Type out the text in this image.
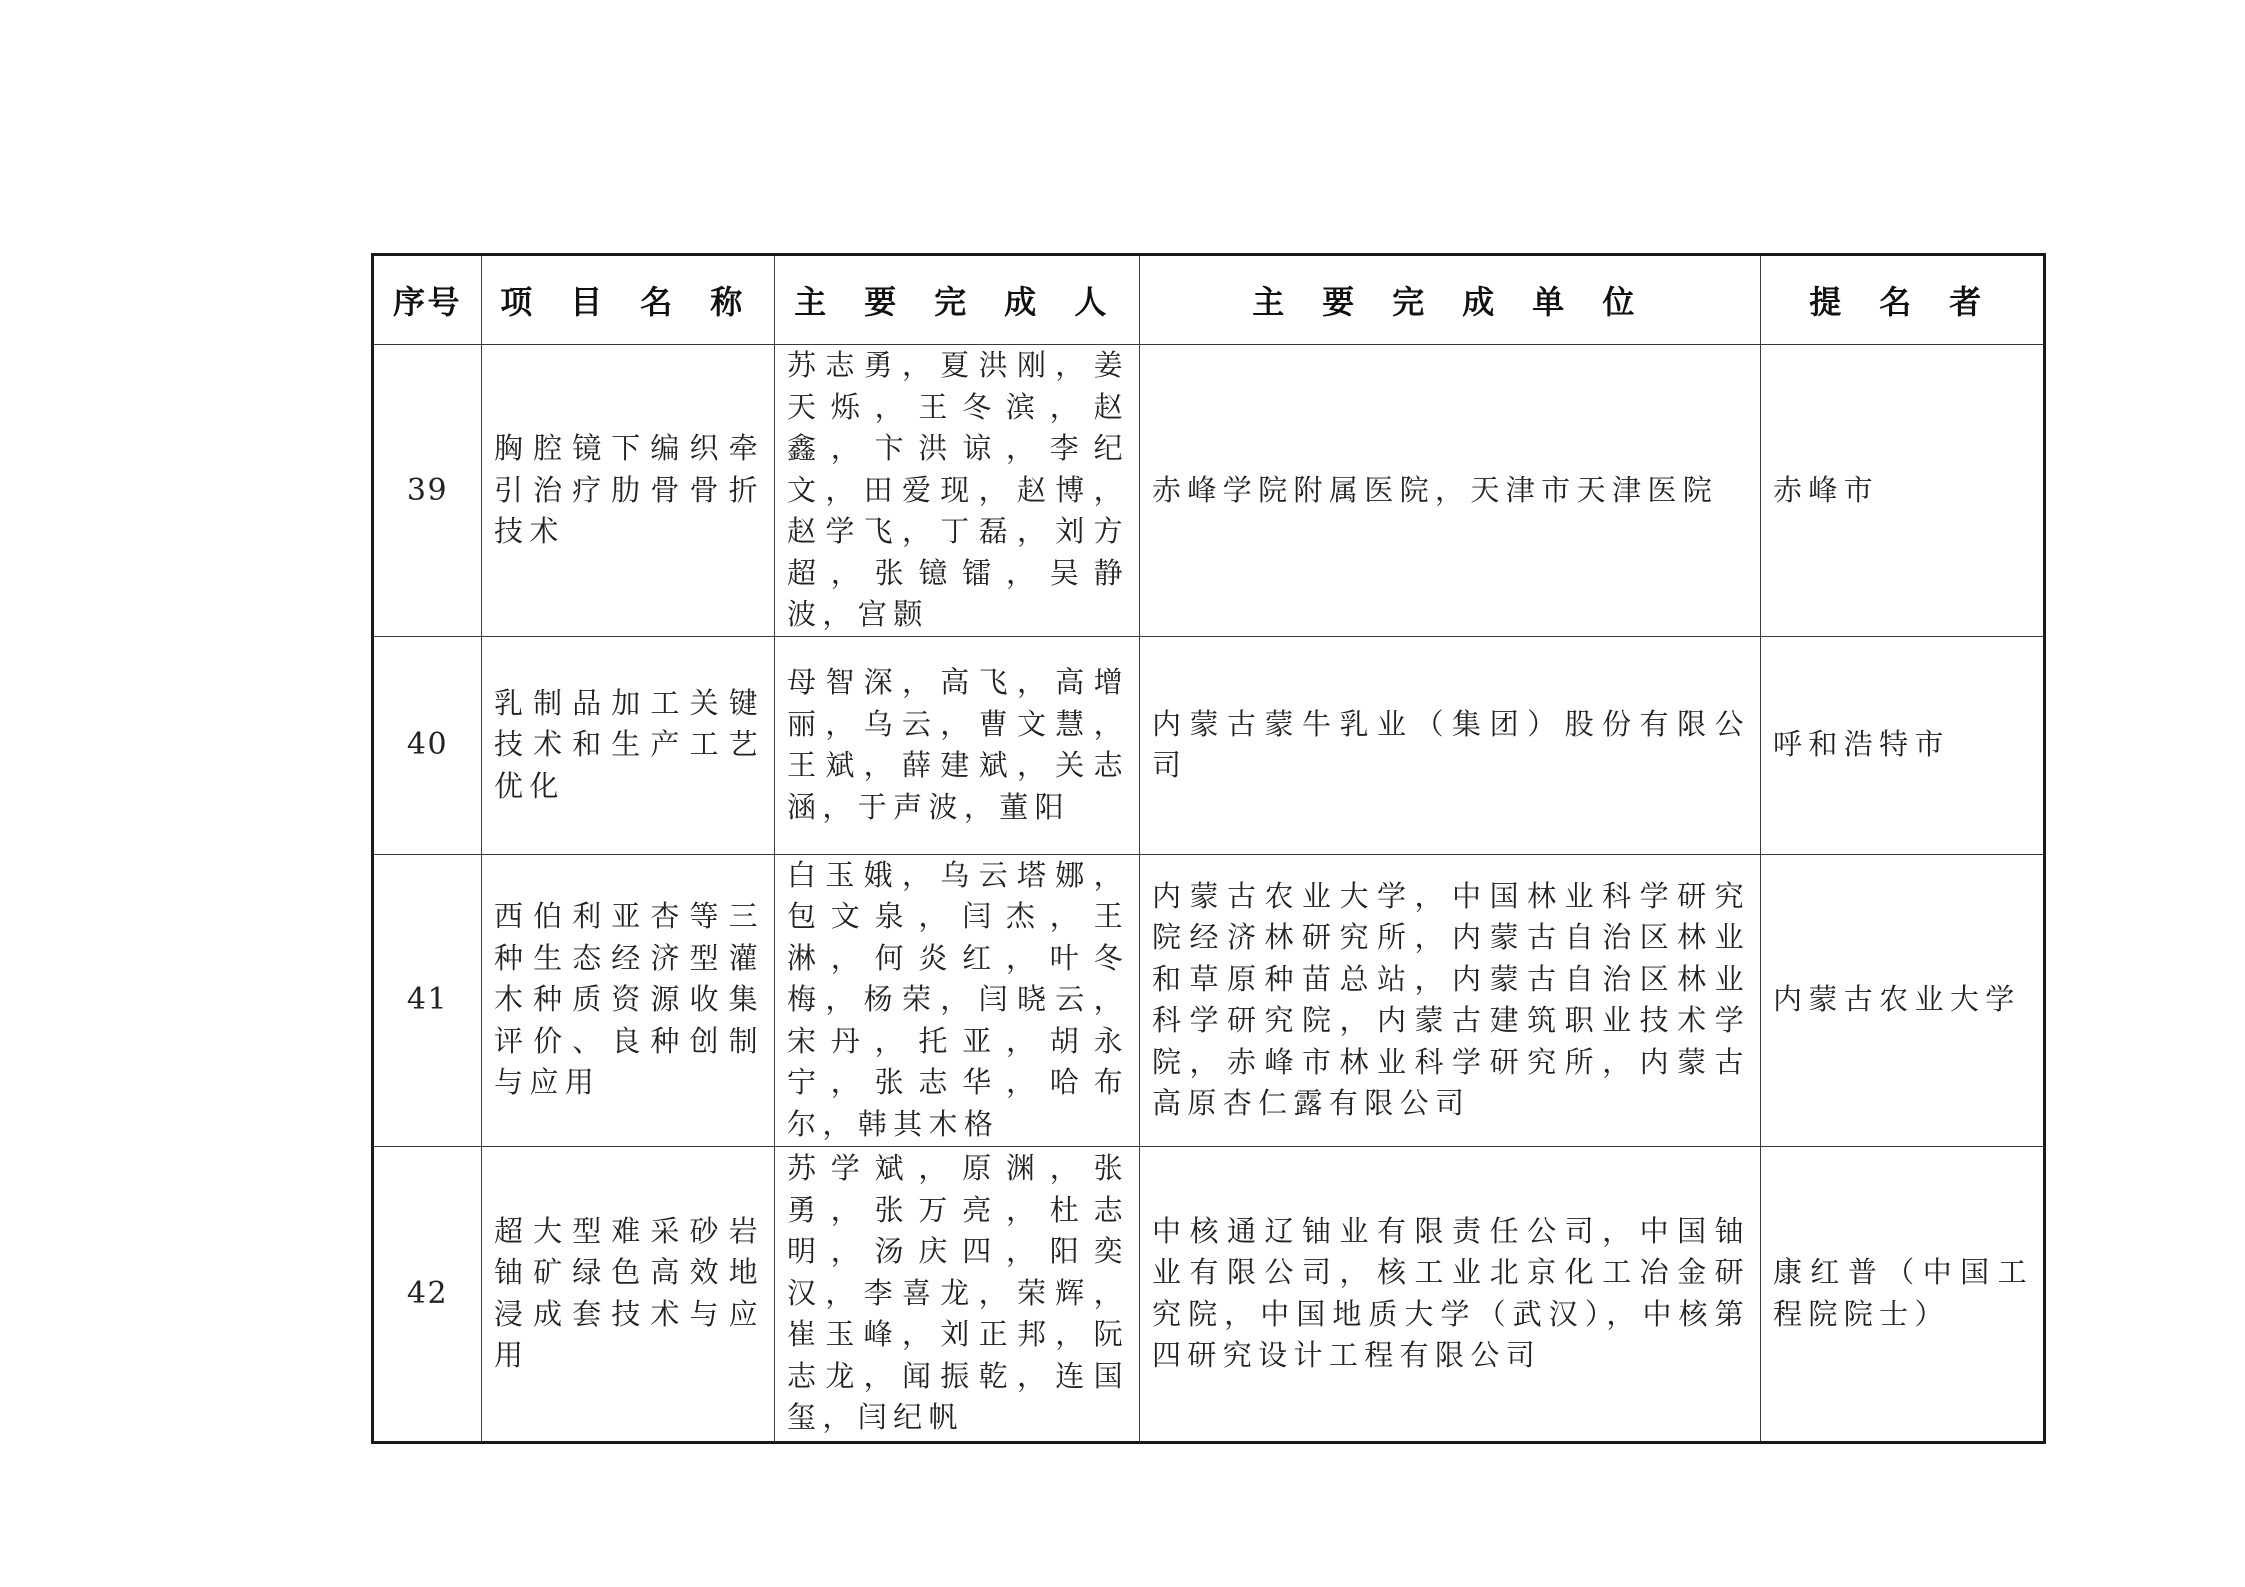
序号	项 目 名 称	主 要 完 成 人	主 要 完 成 单 位	提 名 者
39	胸腔镜下编织牵引治疗肋骨骨折技术	苏志勇，夏洪刚，姜天烁，王冬滨，赵鑫，卞洪谅，李纪文，田爱现，赵博，赵学飞，丁磊，刘方超，张镱镭，吴静波，宫颢	赤峰学院附属医院，天津市天津医院	赤峰市

40	乳制品加工关键技术和生产工艺优化	母智深，高飞，高增丽，乌云，曹文慧，王斌，薛建斌，关志涵，于声波，董阳	内蒙古蒙牛乳业（集团）股份有限公司	呼和浩特市

41	西伯利亚杏等三种生态经济型灌木种质资源收集评价、良种创制与应用	白玉娥，乌云塔娜，包文泉，闫杰，王淋，何炎红，叶冬梅，杨荣，闫晓云，宋丹，托亚，胡永宁，张志华，哈布尔，韩其木格	内蒙古农业大学，中国林业科学研究院经济林研究所，内蒙古自治区林业和草原种苗总站，内蒙古自治区林业科学研究院，内蒙古建筑职业技术学院，赤峰市林业科学研究所，内蒙古高原杏仁露有限公司	内蒙古农业大学

42	超大型难采砂岩铀矿绿色高效地浸成套技术与应用	苏学斌，原渊，张勇，张万亮，杜志明，汤庆四，阳奕汉，李喜龙，荣辉，崔玉峰，刘正邦，阮志龙，闻振乾，连国玺，闫纪帆	中核通辽铀业有限责任公司，中国铀业有限公司，核工业北京化工冶金研究院，中国地质大学（武汉），中核第四研究设计工程有限公司	康红普（中国工程院院士）
